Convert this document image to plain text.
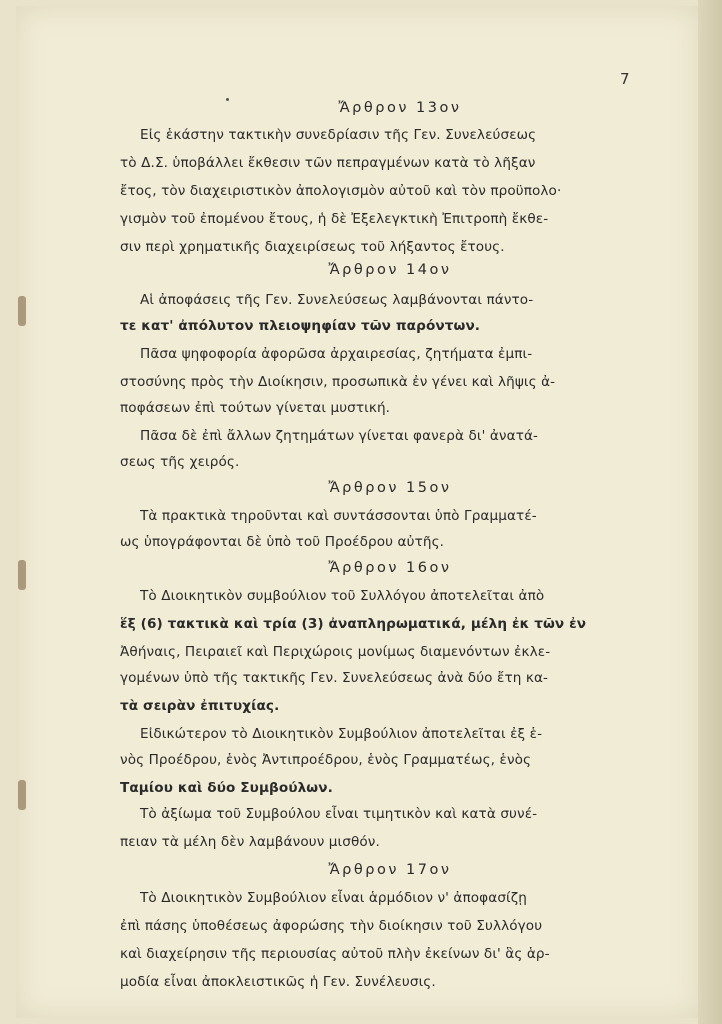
7
Ἄρθρον 13ον
Εἰς ἑκάστην τακτικὴν συνεδρίασιν τῆς Γεν. Συνελεύσεως
τὸ Δ.Σ. ὑποβάλλει ἔκθεσιν τῶν πεπραγμένων κατὰ τὸ λῆξαν
ἔτος, τὸν διαχειριστικὸν ἀπολογισμὸν αὐτοῦ καὶ τὸν προϋπολο·
γισμὸν τοῦ ἐπομένου ἔτους, ἡ δὲ Ἐξελεγκτικὴ Ἐπιτροπὴ ἔκθε-
σιν περὶ χρηματικῆς διαχειρίσεως τοῦ λήξαντος ἔτους.
Ἄρθρον 14ον
Αἱ ἀποφάσεις τῆς Γεν. Συνελεύσεως λαμβάνονται πάντο-
τε κατ' ἀπόλυτον πλειοψηφίαν τῶν παρόντων.
Πᾶσα ψηφοφορία ἀφορῶσα ἀρχαιρεσίας, ζητήματα ἐμπι-
στοσύνης πρὸς τὴν Διοίκησιν, προσωπικὰ ἐν γένει καὶ λῆψις ἀ-
ποφάσεων ἐπὶ τούτων γίνεται μυστική.
Πᾶσα δὲ ἐπὶ ἄλλων ζητημάτων γίνεται φανερὰ δι' ἀνατά-
σεως τῆς χειρός.
Ἄρθρον 15ον
Τὰ πρακτικὰ τηροῦνται καὶ συντάσσονται ὑπὸ Γραμματέ-
ως ὑπογράφονται δὲ ὑπὸ τοῦ Προέδρου αὐτῆς.
Ἄρθρον 16ον
Τὸ Διοικητικὸν συμβούλιον τοῦ Συλλόγου ἀποτελεῖται ἀπὸ
ἕξ (6) τακτικὰ καὶ τρία (3) ἀναπληρωματικά, μέλη ἐκ τῶν ἐν
Ἀθήναις, Πειραιεῖ καὶ Περιχώροις μονίμως διαμενόντων ἐκλε-
γομένων ὑπὸ τῆς τακτικῆς Γεν. Συνελεύσεως ἀνὰ δύο ἔτη κα-
τὰ σειρὰν ἐπιτυχίας.
Εἰδικώτερον τὸ Διοικητικὸν Συμβούλιον ἀποτελεῖται ἐξ ἑ-
νὸς Προέδρου, ἑνὸς Ἀντιπροέδρου, ἑνὸς Γραμματέως, ἑνὸς
Ταμίου καὶ δύο Συμβούλων.
Τὸ ἀξίωμα τοῦ Συμβούλου εἶναι τιμητικὸν καὶ κατὰ συνέ-
πειαν τὰ μέλη δὲν λαμβάνουν μισθόν.
Ἄρθρον 17ον
Τὸ Διοικητικὸν Συμβούλιον εἶναι ἁρμόδιον ν' ἀποφασίζῃ
ἐπὶ πάσης ὑποθέσεως ἀφορώσης τὴν διοίκησιν τοῦ Συλλόγου
καὶ διαχείρησιν τῆς περιουσίας αὐτοῦ πλὴν ἐκείνων δι' ἃς ἁρ-
μοδία εἶναι ἀποκλειστικῶς ἡ Γεν. Συνέλευσις.
